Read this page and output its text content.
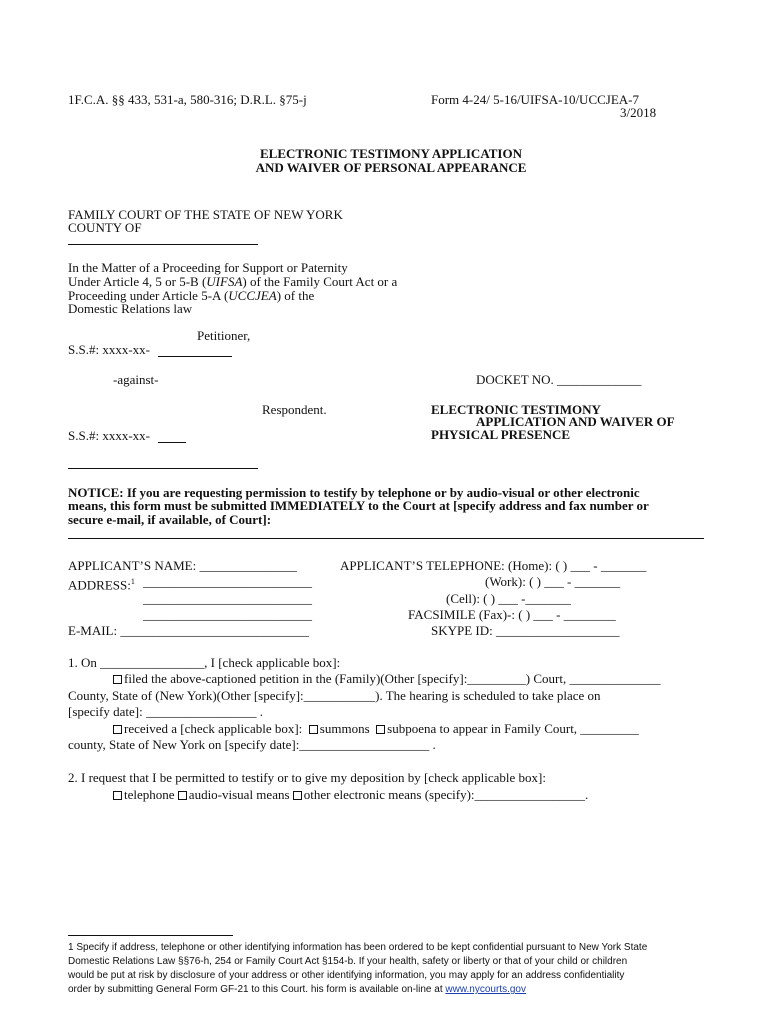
1F.C.A. §§ 433, 531-a, 580-316; D.R.L. §75-j	Form 4-24/ 5-16/UIFSA-10/UCCJEA-7
3/2018
ELECTRONIC TESTIMONY APPLICATION
AND WAIVER OF PERSONAL APPEARANCE
FAMILY COURT OF THE STATE OF NEW YORK
COUNTY OF
In the Matter of a Proceeding for Support or Paternity
Under Article 4, 5 or 5-B (UIFSA) of the Family Court Act or a
Proceeding under Article 5-A (UCCJEA) of the
Domestic Relations law
Petitioner,
S.S.#: xxxx-xx-
-against-	DOCKET NO. _____________
Respondent.	ELECTRONIC TESTIMONY
APPLICATION AND WAIVER OF
PHYSICAL PRESENCE
S.S.#: xxxx-xx-
NOTICE: If you are requesting permission to testify by telephone or by audio-visual or other electronic
means, this form must be submitted IMMEDIATELY to the Court at [specify address and fax number or
secure e-mail, if available, of Court]:
APPLICANT’S NAME: _______________
ADDRESS:$^1$ __________________________
__________________________
__________________________
E-MAIL: _____________________________
APPLICANT’S TELEPHONE: (Home): ( ) ___ - _______
(Work): ( ) ___ - _______
(Cell): ( ) ___ -_______
FACSIMILE (Fax)-: ( ) ___ - ________
SKYPE ID: ___________________
1. On ________________, I [check applicable box]:
filed the above-captioned petition in the (Family)(Other [specify]:_________) Court, ______________
County, State of (New York)(Other [specify]:___________). The hearing is scheduled to take place on
[specify date]: _________________ .
received a [check applicable box]: summons subpoena to appear in Family Court, _________
county, State of New York on [specify date]:____________________ .
2. I request that I be permitted to testify or to give my deposition by [check applicable box]:
telephone audio-visual means other electronic means (specify):_________________.
1 Specify if address, telephone or other identifying information has been ordered to be kept confidential pursuant to New York State
Domestic Relations Law §§76-h, 254 or Family Court Act §154-b. If your health, safety or liberty or that of your child or children
would be put at risk by disclosure of your address or other identifying information, you may apply for an address confidentiality
order by submitting General Form GF-21 to this Court. his form is available on-line at www.nycourts.gov
